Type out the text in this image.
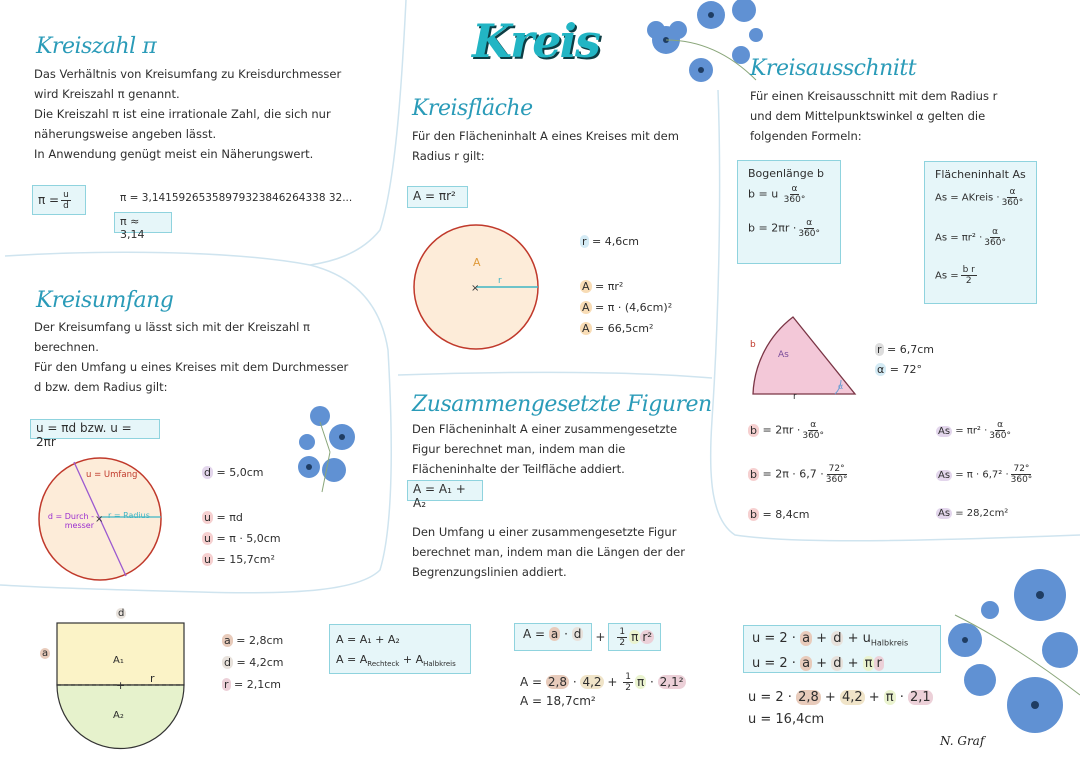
Kreis
Kreiszahl π
Das Verhältnis von Kreisumfang zu Kreisdurchmesser
wird Kreiszahl π genannt.
Die Kreiszahl π ist eine irrationale Zahl, die sich nur
näherungsweise angeben lässt.
In Anwendung genügt meist ein Näherungswert.
$\pi = \frac{u}{d}$	π = 3,14159265358979323846264338 32...
π ≈ 3,14
Kreisfläche
Für den Flächeninhalt A eines Kreises mit dem
Radius r gilt:
A = πr²
×
A
r
r = 4,6cm
A = πr²
A = π · (4,6cm)²
A = 66,5cm²
Kreisausschnitt
Für einen Kreisausschnitt mit dem Radius r
und dem Mittelpunktswinkel α gelten die
folgenden Formeln:
Bogenlänge b
b = u $\frac{\alpha}{360^\circ}$
$b = 2\pi r \cdot \frac{\alpha}{360^\circ}$
Flächeninhalt As
As = AKreis · $\frac{\alpha}{360^\circ}$
$As = \pi r^2 \cdot \frac{\alpha}{360^\circ}$
$As = \frac{\text{b r}}{2}$
b
As
r
α
r = 6,7cm
α = 72°
$b = 2\pi r \cdot \frac{\alpha}{360^\circ}$
$b = 2\pi \cdot 6,7 \cdot \frac{72^\circ}{360^\circ}$
b = 8,4cm
$As = \pi r^2 \cdot \frac{\alpha}{360^\circ}$
$As = \pi \cdot 6,7^2 \cdot \frac{72^\circ}{360^\circ}$
As = 28,2cm²
Kreisumfang
Der Kreisumfang u lässt sich mit der Kreiszahl π
berechnen.
Für den Umfang u eines Kreises mit dem Durchmesser
d bzw. dem Radius gilt:
u = πd bzw. u = 2πr
×
u = Umfang
d = Durch -
messer
r = Radius
d = 5,0cm
u = πd
u = π · 5,0cm
u = 15,7cm²
Zusammengesetzte Figuren
Den Flächeninhalt A einer zusammengesetzte
Figur berechnet man, indem man die
Flächeninhalte der Teilfläche addiert.
A = A₁ + A₂
Den Umfang u einer zusammengesetzte Figur
berechnet man, indem man die Längen der der
Begrenzungslinien addiert.
+
d
a
A₁
A₂
r
a = 2,8cm
d = 4,2cm
r = 2,1cm
A = A₁ + A₂
$A = A_{Rechteck} + A_{Halbkreis}$
A = a · d	+ $\frac{1}{2}$ π r²
$A = 2,8 \cdot 4,2 + \frac{1}{2}$ π · 2,1²
A = 18,7cm²
$u = 2 \cdot a + d + u_{Halbkreis}$
u = 2 · a + d + π r
u = 2 · 2,8 + 4,2 + π · 2,1
u = 16,4cm
N. Graf
